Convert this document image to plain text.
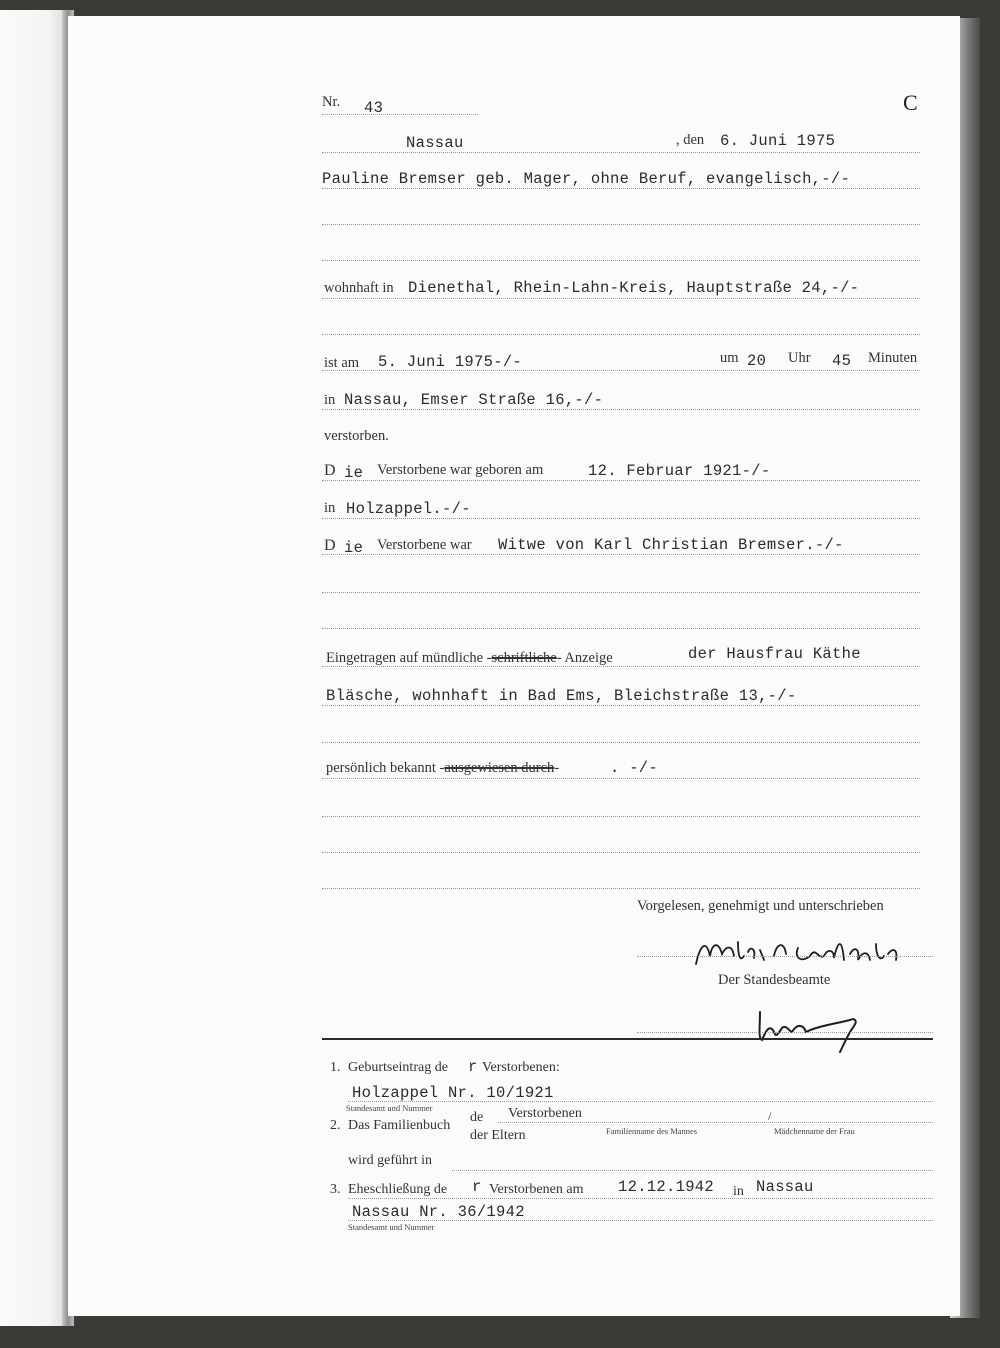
Nr. 43	C
Nassau	, den 6. Juni 1975
Pauline Bremser geb. Mager, ohne Beruf, evangelisch,-/-
wohnhaft in Dienethal, Rhein-Lahn-Kreis, Hauptstraße 24,-/-
ist am 5. Juni 1975-/-	um 20 Uhr 45 Minuten
in Nassau, Emser Straße 16,-/-
verstorben.
D ie Verstorbene war geboren am	12. Februar 1921-/-
in Holzappel.-/-
D ie Verstorbene war Witwe von Karl Christian Bremser.-/-
Eingetragen auf mündliche -schriftliche- Anzeige	der Hausfrau Käthe
Bläsche, wohnhaft in Bad Ems, Bleichstraße 13,-/-
persönlich bekannt -ausgewiesen durch-	. -/-
Vorgelesen, genehmigt und unterschrieben
Der Standesbeamte
1. Geburtseintrag de r Verstorbenen:
Holzappel Nr. 10/1921
Standesamt und Nummer
2. Das Familienbuch
de Verstorbenen
der Eltern	Familienname des Mannes
/
Mädchenname der Frau
wird geführt in
3. Eheschließung de r Verstorbenen am 12.12.1942 in Nassau
Nassau Nr. 36/1942
Standesamt und Nummer
